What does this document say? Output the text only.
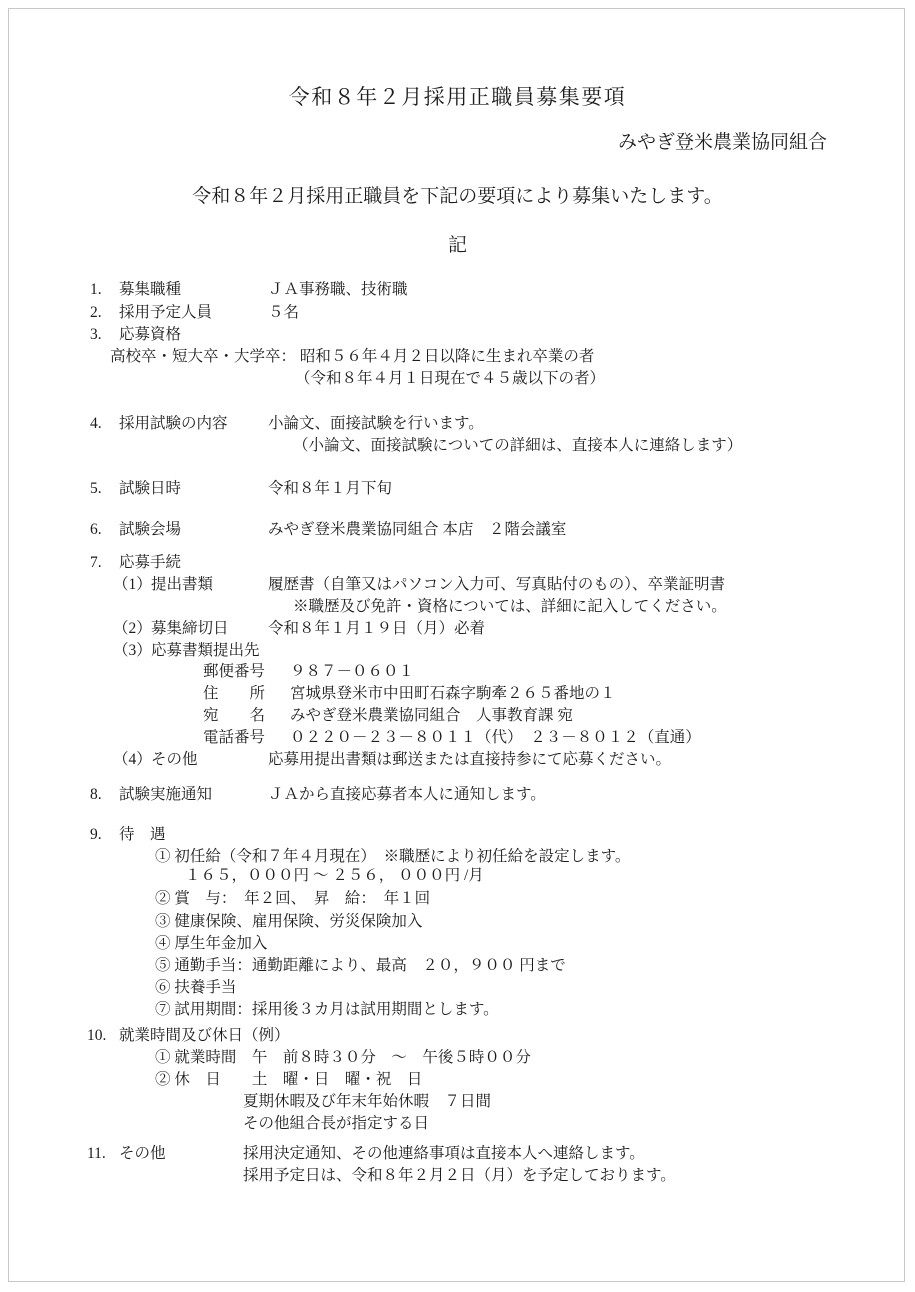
令和８年２月採用正職員募集要項
みやぎ登米農業協同組合
令和８年２月採用正職員を下記の要項により募集いたします。
記
1. 募集職種	ＪＡ事務職、技術職
2. 採用予定人員	５名
3. 応募資格
高校卒・短大卒・大学卒： 昭和５６年４月２日以降に生まれ卒業の者
（令和８年４月１日現在で４５歳以下の者）
4. 採用試験の内容	小論文、面接試験を行います。
（小論文、面接試験についての詳細は、直接本人に連絡します）
5. 試験日時	令和８年１月下旬
6. 試験会場	みやぎ登米農業協同組合 本店　２階会議室
7. 応募手続
（1） 提出書類	履歴書（自筆又はパソコン入力可、写真貼付のもの）、卒業証明書
※職歴及び免許・資格については、詳細に記入してください。
（2） 募集締切日	令和８年１月１９日（月）必着
（3） 応募書類提出先
郵便番号 ９８７－０６０１
住　　所 宮城県登米市中田町石森字駒牽２６５番地の１
宛　　名 みやぎ登米農業協同組合　人事教育課 宛
電話番号 ０２２０－２３－８０１１（代）　２３－８０１２（直通）
（4） その他	応募用提出書類は郵送または直接持参にて応募ください。
8. 試験実施通知	ＪＡから直接応募者本人に通知します。
9. 待　遇
① 初任給（令和７年４月現在）　※職歴により初任給を設定します。
１６５，０００円 ～ ２５６， ０００円 /月
② 賞　与：　年２回、　昇　給：　年１回
③ 健康保険、雇用保険、労災保険加入
④ 厚生年金加入
⑤ 通勤手当：通勤距離により、最高　２０，９００ 円まで
⑥ 扶養手当
⑦ 試用期間：採用後３カ月は試用期間とします。
10. 就業時間及び休日（例）
① 就業時間　午　前８時３０分　～　午後５時００分
② 休　日　　土　曜・日　曜・祝　日
夏期休暇及び年末年始休暇　７日間
その他組合長が指定する日
11. その他	採用決定通知、その他連絡事項は直接本人へ連絡します。
採用予定日は、令和８年２月２日（月）を予定しております。
